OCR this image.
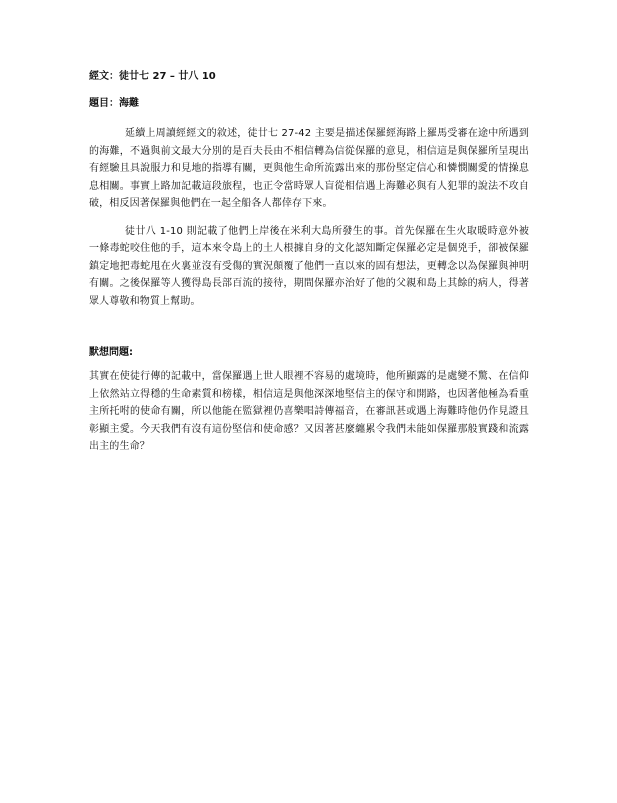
經文：徒廿七 27 – 廿八 10

題目：海難

延續上周讀經經文的敘述，徒廿七 27-42 主要是描述保羅經海路上羅馬受審在途中所遇到的海難，不過與前文最大分別的是百夫長由不相信轉為信從保羅的意見，相信這是與保羅所呈現出有經驗且具說服力和見地的指導有關，更與他生命所流露出來的那份堅定信心和憐憫關愛的情操息息相關。事實上路加記載這段旅程，也正令當時眾人盲從相信遇上海難必與有人犯罪的說法不攻自破，相反因著保羅與他們在一起全船各人都倖存下來。

徒廿八 1-10 則記載了他們上岸後在米利大島所發生的事。首先保羅在生火取暖時意外被一條毒蛇咬住他的手，這本來令島上的土人根據自身的文化認知斷定保羅必定是個兇手，卻被保羅鎮定地把毒蛇甩在火裏並沒有受傷的實況顛覆了他們一直以來的固有想法，更轉念以為保羅與神明有關。之後保羅等人獲得島長部百流的接待，期間保羅亦治好了他的父親和島上其餘的病人，得著眾人尊敬和物質上幫助。

默想問題:

其實在使徒行傳的記載中，當保羅遇上世人眼裡不容易的處境時，他所顯露的是處變不驚、在信仰上依然站立得穩的生命素質和榜樣，相信這是與他深深地堅信主的保守和開路，也因著他極為看重主所托咐的使命有關，所以他能在監獄裡仍喜樂唱詩傳福音，在審訊甚或遇上海難時他仍作見證且彰顯主愛。今天我們有沒有這份堅信和使命感？又因著甚麼纏累令我們未能如保羅那般實踐和流露出主的生命？
